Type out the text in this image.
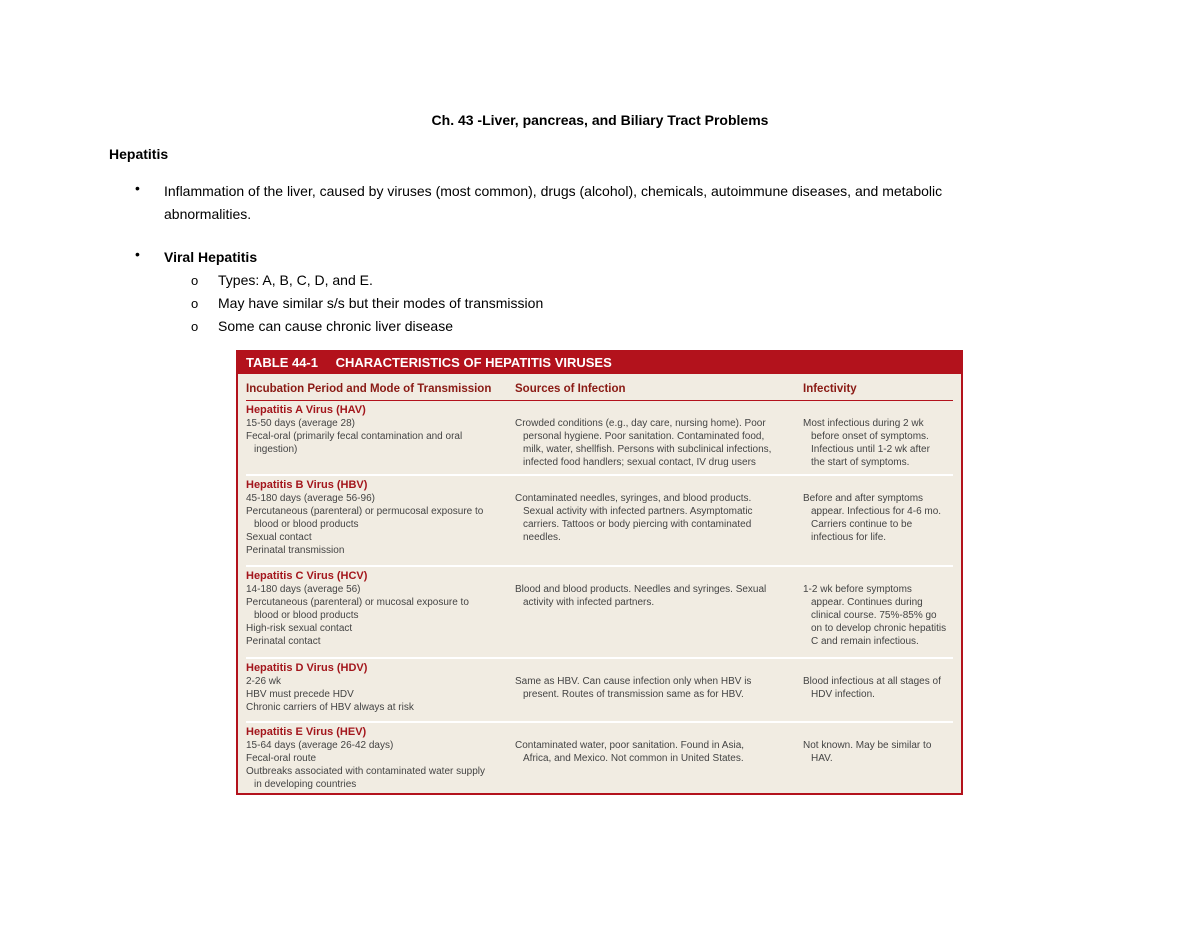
Ch. 43 -Liver, pancreas, and Biliary Tract Problems
Hepatitis
• Inflammation of the liver, caused by viruses (most common), drugs (alcohol), chemicals, autoimmune diseases, and metabolic abnormalities.
• Viral Hepatitis
o Types: A, B, C, D, and E.
o May have similar s/s but their modes of transmission
o Some can cause chronic liver disease
TABLE 44-1 CHARACTERISTICS OF HEPATITIS VIRUSES
Incubation Period and Mode of Transmission Sources of Infection	Infectivity
Hepatitis A Virus (HAV)
15-50 days (average 28)
Fecal-oral (primarily fecal contamination and oral
ingestion)
Crowded conditions (e.g., day care, nursing home). Poor
personal hygiene. Poor sanitation. Contaminated food,
milk, water, shellfish. Persons with subclinical infections,
infected food handlers; sexual contact, IV drug users
Most infectious during 2 wk
before onset of symptoms.
Infectious until 1-2 wk after
the start of symptoms.
Hepatitis B Virus (HBV)
45-180 days (average 56-96)
Percutaneous (parenteral) or permucosal exposure to
blood or blood products
Sexual contact
Perinatal transmission
Contaminated needles, syringes, and blood products.
Sexual activity with infected partners. Asymptomatic
carriers. Tattoos or body piercing with contaminated
needles.
Before and after symptoms
appear. Infectious for 4-6 mo.
Carriers continue to be
infectious for life.
Hepatitis C Virus (HCV)
14-180 days (average 56)
Percutaneous (parenteral) or mucosal exposure to
blood or blood products
High-risk sexual contact
Perinatal contact
Blood and blood products. Needles and syringes. Sexual
activity with infected partners.
1-2 wk before symptoms
appear. Continues during
clinical course. 75%-85% go
on to develop chronic hepatitis
C and remain infectious.
Hepatitis D Virus (HDV)
2-26 wk
HBV must precede HDV
Chronic carriers of HBV always at risk
Same as HBV. Can cause infection only when HBV is
present. Routes of transmission same as for HBV.
Blood infectious at all stages of
HDV infection.
Hepatitis E Virus (HEV)
15-64 days (average 26-42 days)
Fecal-oral route
Outbreaks associated with contaminated water supply
in developing countries
Contaminated water, poor sanitation. Found in Asia,
Africa, and Mexico. Not common in United States.
Not known. May be similar to
HAV.
